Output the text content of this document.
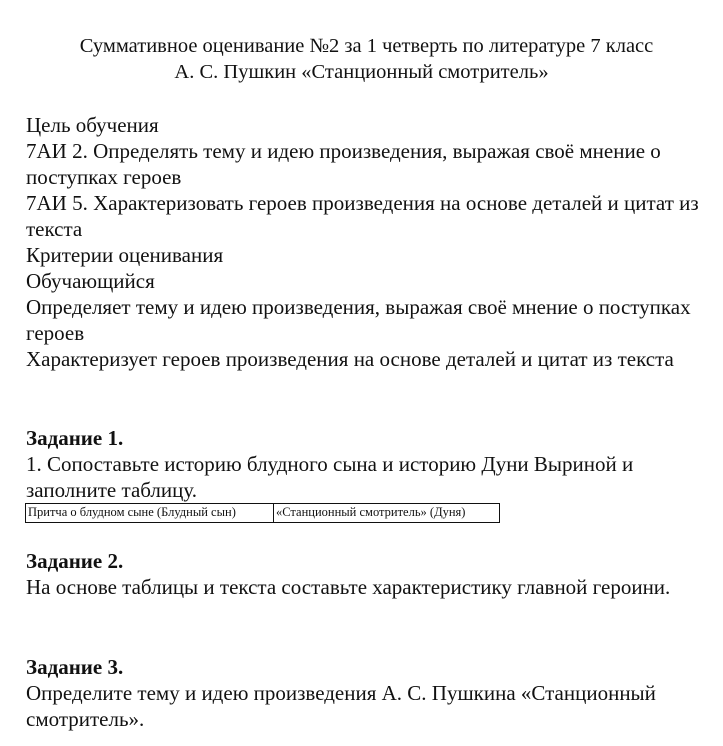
Суммативное оценивание №2 за 1 четверть по литературе 7 класс
А. С. Пушкин «Станционный смотритель»
Цель обучения
7АИ 2. Определять тему и идею произведения, выражая своё мнение о поступках героев
7АИ 5. Характеризовать героев произведения на основе деталей и цитат из текста
Критерии оценивания
Обучающийся
Определяет тему и идею произведения, выражая своё мнение о поступках героев
Характеризует героев произведения на основе деталей и цитат из текста
Задание 1.
1. Сопоставьте историю блудного сына и историю Дуни Выриной и заполните таблицу.
Притча о блудном сыне (Блудный сын)	«Станционный смотритель» (Дуня)
Задание 2.
На основе таблицы и текста составьте характеристику главной героини.
Задание 3.
Определите тему и идею произведения А. С. Пушкина «Станционный смотритель».
